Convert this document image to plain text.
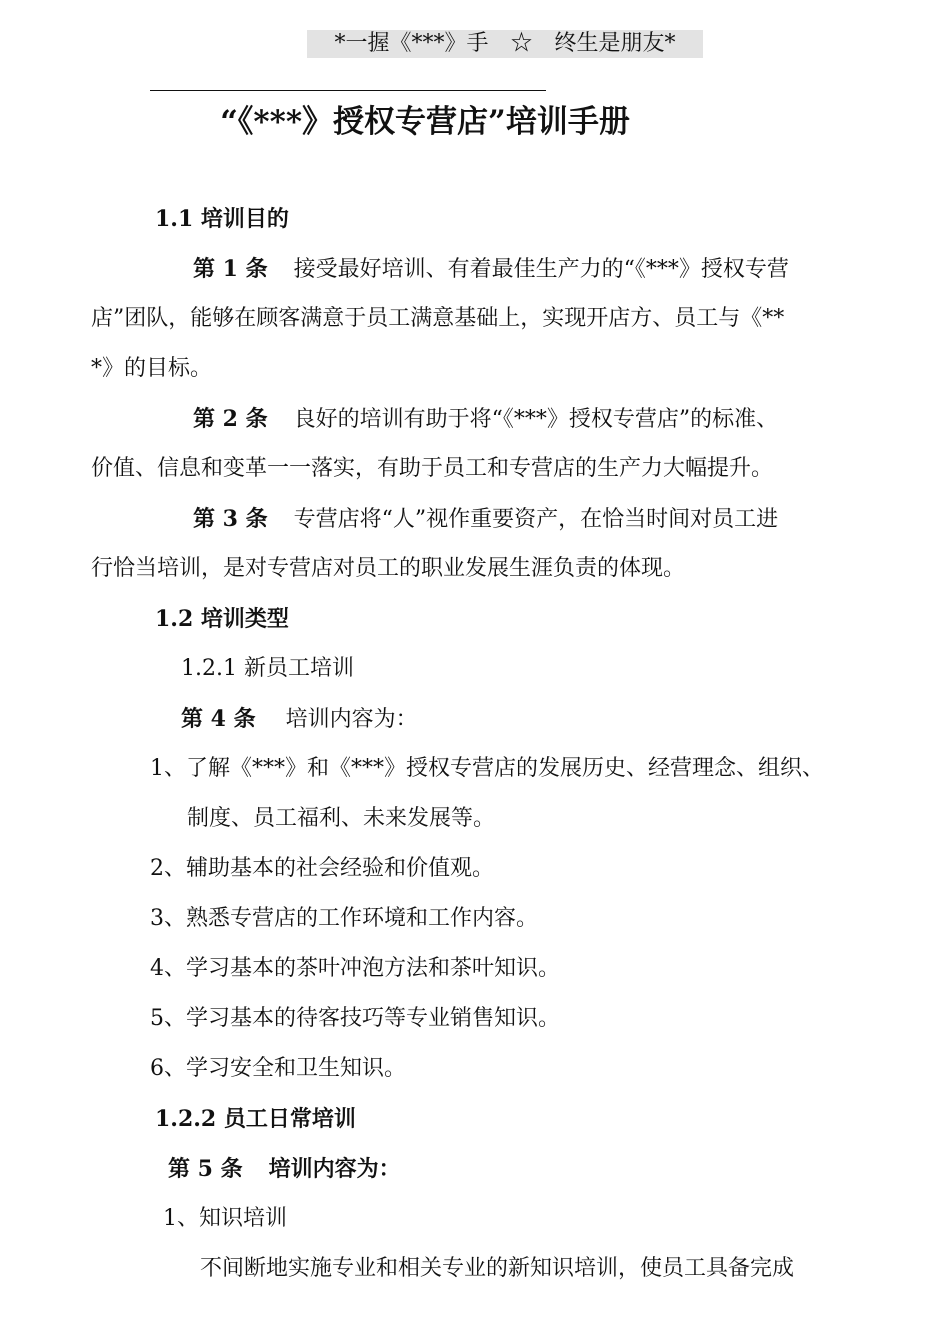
*一握《***》手　☆　终生是朋友*
“《***》授权专营店”培训手册
1.1 培训目的
第 1 条 接受最好培训、有着最佳生产力的“《***》授权专营
店”团队，能够在顾客满意于员工满意基础上，实现开店方、员工与《**
*》的目标。
第 2 条 良好的培训有助于将“《***》授权专营店”的标准、
价值、信息和变革一一落实，有助于员工和专营店的生产力大幅提升。
第 3 条 专营店将“人”视作重要资产，在恰当时间对员工进
行恰当培训，是对专营店对员工的职业发展生涯负责的体现。
1.2 培训类型
1.2.1 新员工培训
第 4 条 培训内容为：
1、了解《***》和《***》授权专营店的发展历史、经营理念、组织、
制度、员工福利、未来发展等。
2、辅助基本的社会经验和价值观。
3、熟悉专营店的工作环境和工作内容。
4、学习基本的茶叶冲泡方法和茶叶知识。
5、学习基本的待客技巧等专业销售知识。
6、学习安全和卫生知识。
1.2.2 员工日常培训
第 5 条 培训内容为：
1、知识培训
不间断地实施专业和相关专业的新知识培训，使员工具备完成
